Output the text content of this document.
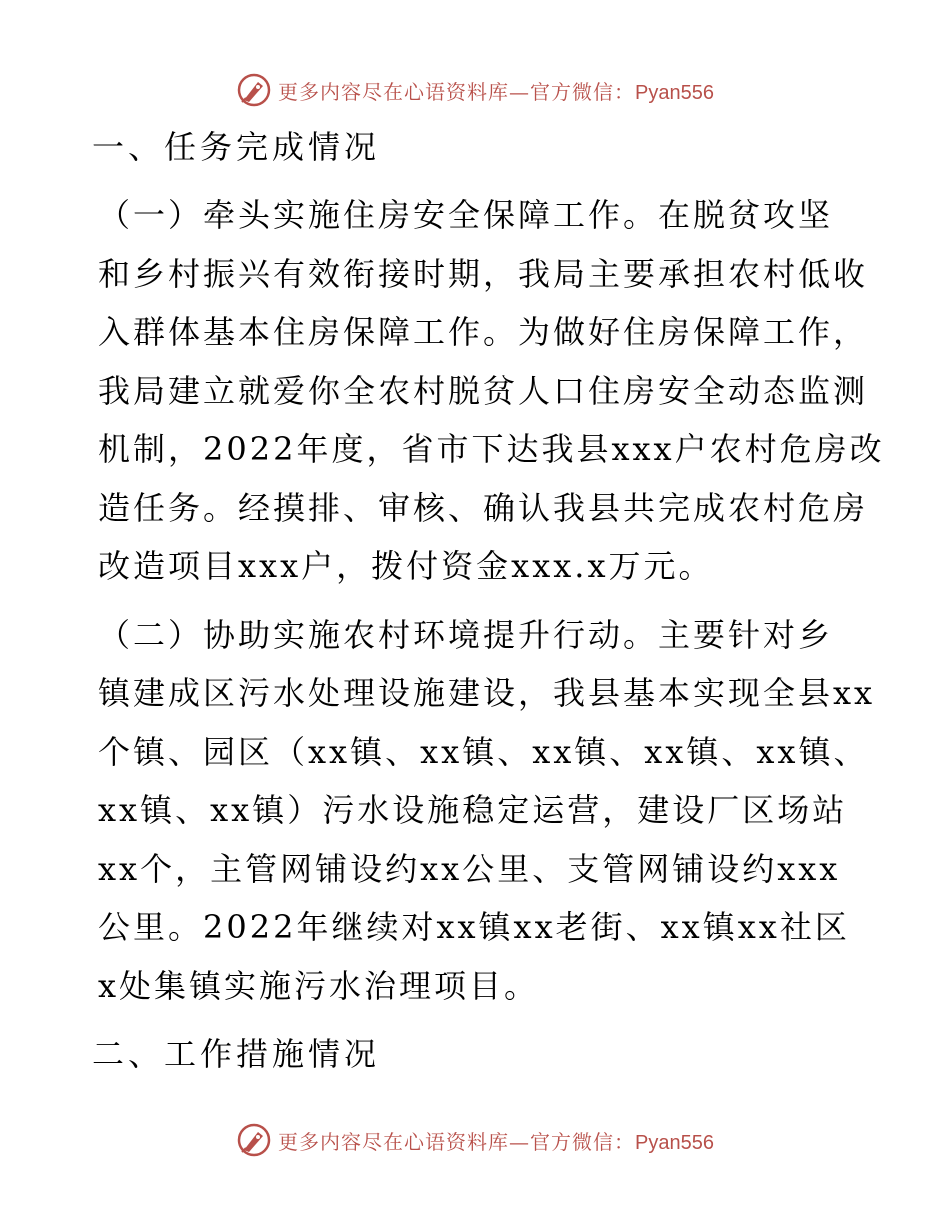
更多内容尽在心语资料库—官方微信：Pyan556
一、任务完成情况
（一）牵头实施住房安全保障工作。在脱贫攻坚
和乡村振兴有效衔接时期，我局主要承担农村低收
入群体基本住房保障工作。为做好住房保障工作，
我局建立就爱你全农村脱贫人口住房安全动态监测
机制，2022年度，省市下达我县xxx户农村危房改
造任务。经摸排、审核、确认我县共完成农村危房
改造项目xxx户，拨付资金xxx.x万元。
（二）协助实施农村环境提升行动。主要针对乡
镇建成区污水处理设施建设，我县基本实现全县xx
个镇、园区（xx镇、xx镇、xx镇、xx镇、xx镇、
xx镇、xx镇）污水设施稳定运营，建设厂区场站
xx个，主管网铺设约xx公里、支管网铺设约xxx
公里。2022年继续对xx镇xx老街、xx镇xx社区
x处集镇实施污水治理项目。
二、工作措施情况
更多内容尽在心语资料库—官方微信：Pyan556
